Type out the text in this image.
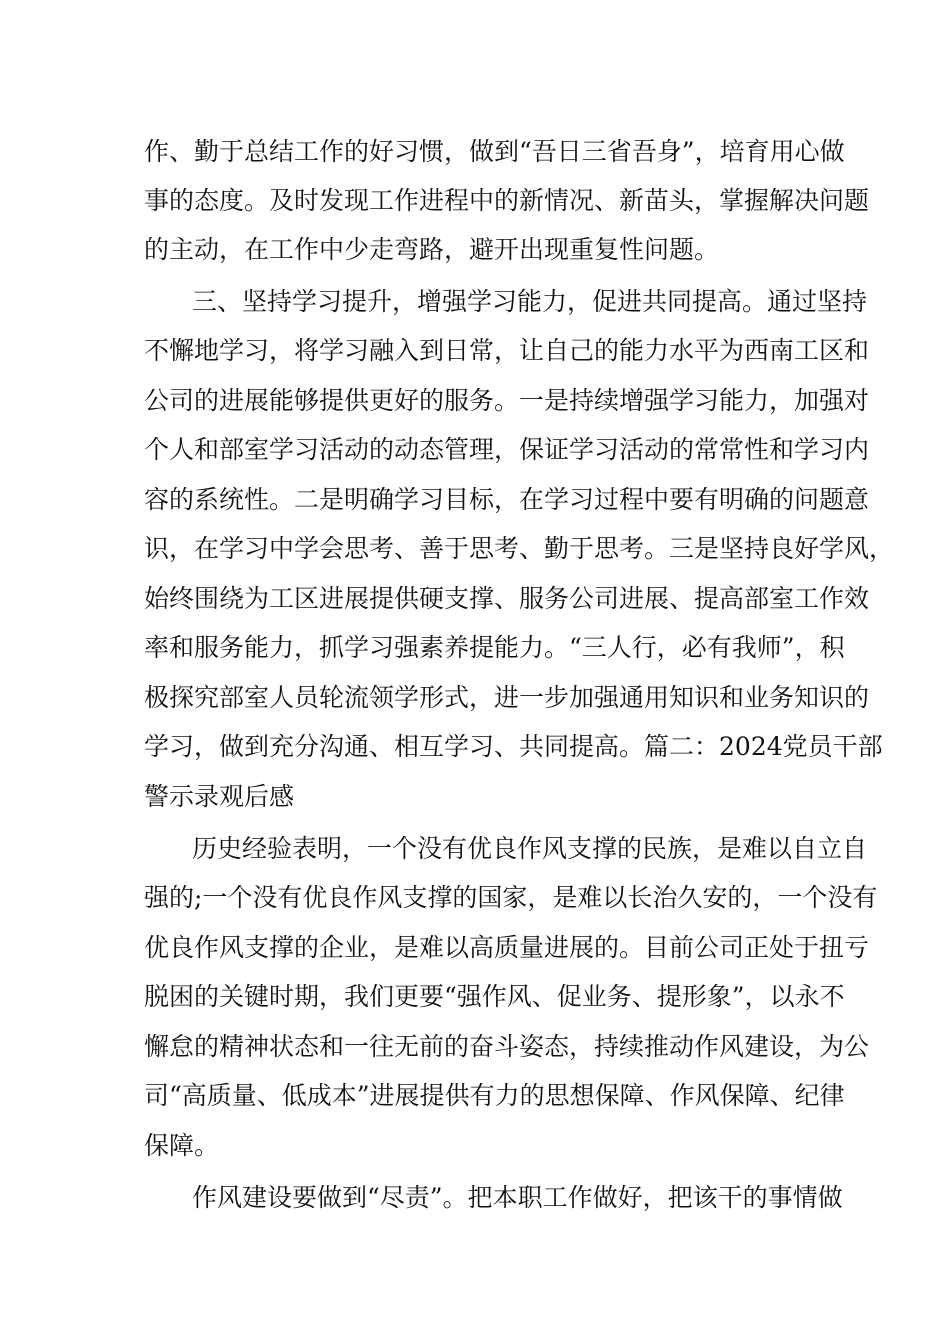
作、勤于总结工作的好习惯，做到“吾日三省吾身”，培育用心做
事的态度。及时发现工作进程中的新情况、新苗头，掌握解决问题
的主动，在工作中少走弯路，避开出现重复性问题。
三、坚持学习提升，增强学习能力，促进共同提高。通过坚持
不懈地学习，将学习融入到日常，让自己的能力水平为西南工区和
公司的进展能够提供更好的服务。一是持续增强学习能力，加强对
个人和部室学习活动的动态管理，保证学习活动的常常性和学习内
容的系统性。二是明确学习目标，在学习过程中要有明确的问题意
识，在学习中学会思考、善于思考、勤于思考。三是坚持良好学风，
始终围绕为工区进展提供硬支撑、服务公司进展、提高部室工作效
率和服务能力，抓学习强素养提能力。“三人行，必有我师”，积
极探究部室人员轮流领学形式，进一步加强通用知识和业务知识的
学习，做到充分沟通、相互学习、共同提高。篇二：2024党员干部
警示录观后感
历史经验表明，一个没有优良作风支撑的民族，是难以自立自
强的;一个没有优良作风支撑的国家，是难以长治久安的，一个没有
优良作风支撑的企业，是难以高质量进展的。目前公司正处于扭亏
脱困的关键时期，我们更要“强作风、促业务、提形象”，以永不
懈怠的精神状态和一往无前的奋斗姿态，持续推动作风建设，为公
司“高质量、低成本”进展提供有力的思想保障、作风保障、纪律
保障。
作风建设要做到“尽责”。把本职工作做好，把该干的事情做
